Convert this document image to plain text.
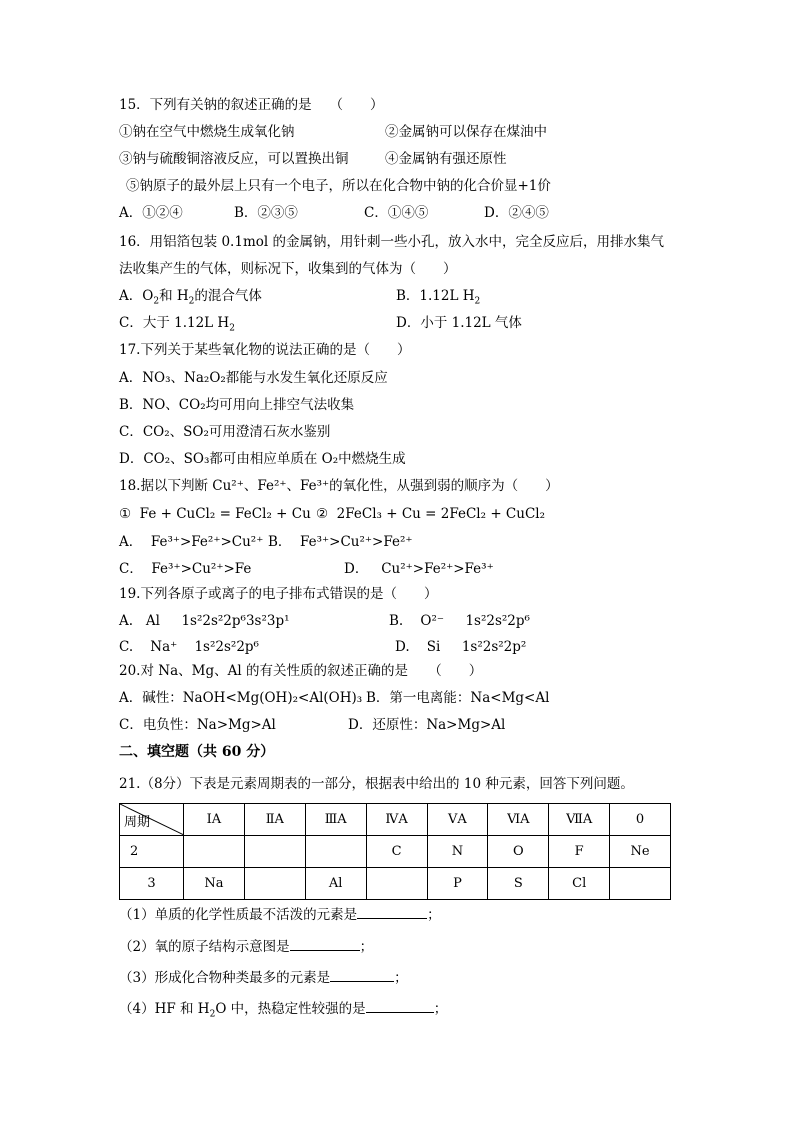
15．下列有关钠的叙述正确的是　 （　　）
①钠在空气中燃烧生成氧化钠	②金属钠可以保存在煤油中
③钠与硫酸铜溶液反应，可以置换出铜	④金属钠有强还原性
⑤钠原子的最外层上只有一个电子，所以在化合物中钠的化合价显+1价
A．①②④	B．②③⑤	C．①④⑤	D．②④⑤
16．用铝箔包装 0.1mol 的金属钠，用针刺一些小孔，放入水中，完全反应后，用排水集气
法收集产生的气体，则标况下，收集到的气体为（　　）
A．$O_2$和 $H_2$的混合气体	B．1.12L $H_2$
C．大于 1.12L $H_2$	D．小于 1.12L 气体
17.下列关于某些氧化物的说法正确的是（　　）
A．NO₃、Na₂O₂都能与水发生氧化还原反应
B．NO、CO₂均可用向上排空气法收集
C．CO₂、SO₂可用澄清石灰水鉴别
D．CO₂、SO₃都可由相应单质在 O₂中燃烧生成
18.据以下判断 Cu²⁺、Fe²⁺、Fe³⁺的氧化性，从强到弱的顺序为（　　）
①  Fe + CuCl₂ = FeCl₂ + Cu ②  2FeCl₃ + Cu = 2FeCl₂ + CuCl₂
A．  Fe³⁺>Fe²⁺>Cu²⁺ B．  Fe³⁺>Cu²⁺>Fe²⁺
C．  Fe³⁺>Cu²⁺>Fe	D．   Cu²⁺>Fe²⁺>Fe³⁺
19.下列各原子或离子的电子排布式错误的是（　　）
A.   Al     1s²2s²2p⁶3s²3p¹	B.    O²⁻     1s²2s²2p⁶
C.    Na⁺    1s²2s²2p⁶	D.    Si     1s²2s²2p²
20.对 Na、Mg、Al 的有关性质的叙述正确的是　　（　　）
A．碱性：NaOH<Mg(OH)₂<Al(OH)₃ B．第一电离能：Na<Mg<Al
C．电负性：Na>Mg>Al	D．还原性：Na>Mg>Al
二、填空题（共 60 分）
21.（8分）下表是元素周期表的一部分，根据表中给出的 10 种元素，回答下列问题。
周期	ⅠA	ⅡA	ⅢA	ⅣA	ⅤA	ⅥA	ⅦA	0
2				C	N	O	F	Ne
3	Na		Al		P	S	Cl	
（1）单质的化学性质最不活泼的元素是	；
（2）氧的原子结构示意图是	；
（3）形成化合物种类最多的元素是	；
（4）HF 和 $H_2O$ 中，热稳定性较强的是	；
